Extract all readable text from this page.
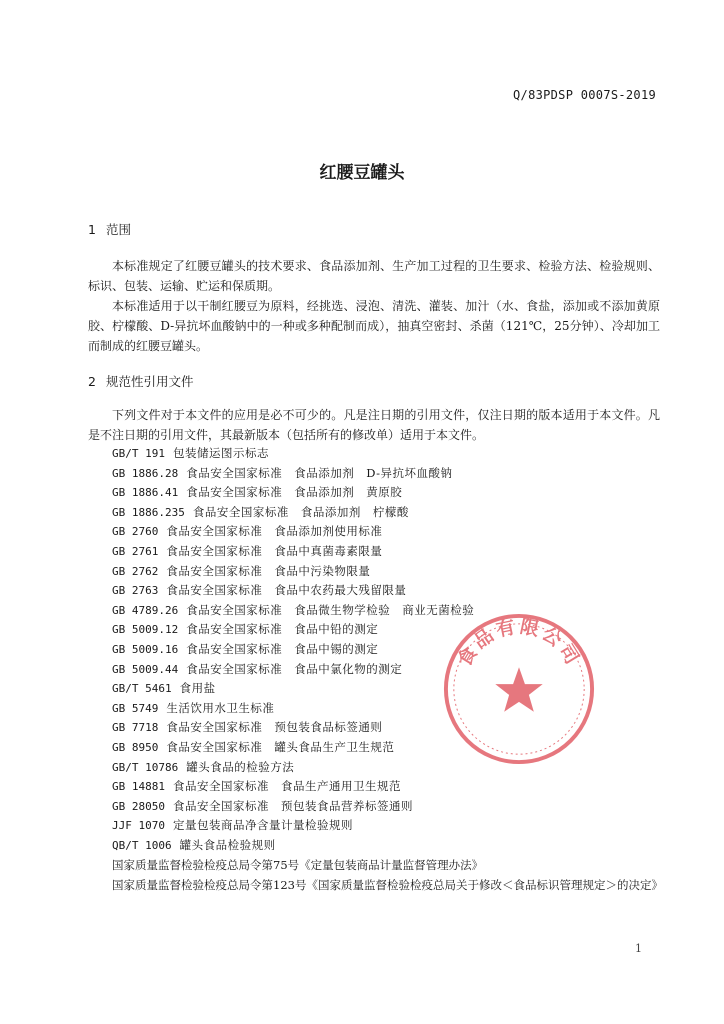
Q/83PDSP 0007S-2019
红腰豆罐头
1 范围

本标准规定了红腰豆罐头的技术要求、食品添加剂、生产加工过程的卫生要求、检验方法、检验规则、标识、包装、运输、贮运和保质期。

本标准适用于以干制红腰豆为原料，经挑选、浸泡、清洗、灌装、加汁（水、食盐，添加或不添加黄原胶、柠檬酸、D-异抗坏血酸钠中的一种或多种配制而成），抽真空密封、杀菌（121℃，25分钟）、冷却加工而制成的红腰豆罐头。

2 规范性引用文件

下列文件对于本文件的应用是必不可少的。凡是注日期的引用文件，仅注日期的版本适用于本文件。凡是不注日期的引用文件，其最新版本（包括所有的修改单）适用于本文件。

GB/T 191 包装储运图示标志
GB 1886.28 食品安全国家标准　食品添加剂　D-异抗坏血酸钠
GB 1886.41 食品安全国家标准　食品添加剂　黄原胶
GB 1886.235 食品安全国家标准　食品添加剂　柠檬酸
GB 2760 食品安全国家标准　食品添加剂使用标准
GB 2761 食品安全国家标准　食品中真菌毒素限量
GB 2762 食品安全国家标准　食品中污染物限量
GB 2763 食品安全国家标准　食品中农药最大残留限量
GB 4789.26 食品安全国家标准　食品微生物学检验　商业无菌检验
GB 5009.12 食品安全国家标准　食品中铅的测定
GB 5009.16 食品安全国家标准　食品中锡的测定
GB 5009.44 食品安全国家标准　食品中氯化物的测定
GB/T 5461 食用盐
GB 5749 生活饮用水卫生标准
GB 7718 食品安全国家标准　预包装食品标签通则
GB 8950 食品安全国家标准　罐头食品生产卫生规范
GB/T 10786 罐头食品的检验方法
GB 14881 食品安全国家标准　食品生产通用卫生规范
GB 28050 食品安全国家标准　预包装食品营养标签通则
JJF 1070 定量包装商品净含量计量检验规则
QB/T 1006 罐头食品检验规则
国家质量监督检验检疫总局令第75号《定量包装商品计量监督管理办法》

国家质量监督检验检疫总局令第123号《国家质量监督检验检疫总局关于修改＜食品标识管理规定＞的决定》

食品有限公司
1
